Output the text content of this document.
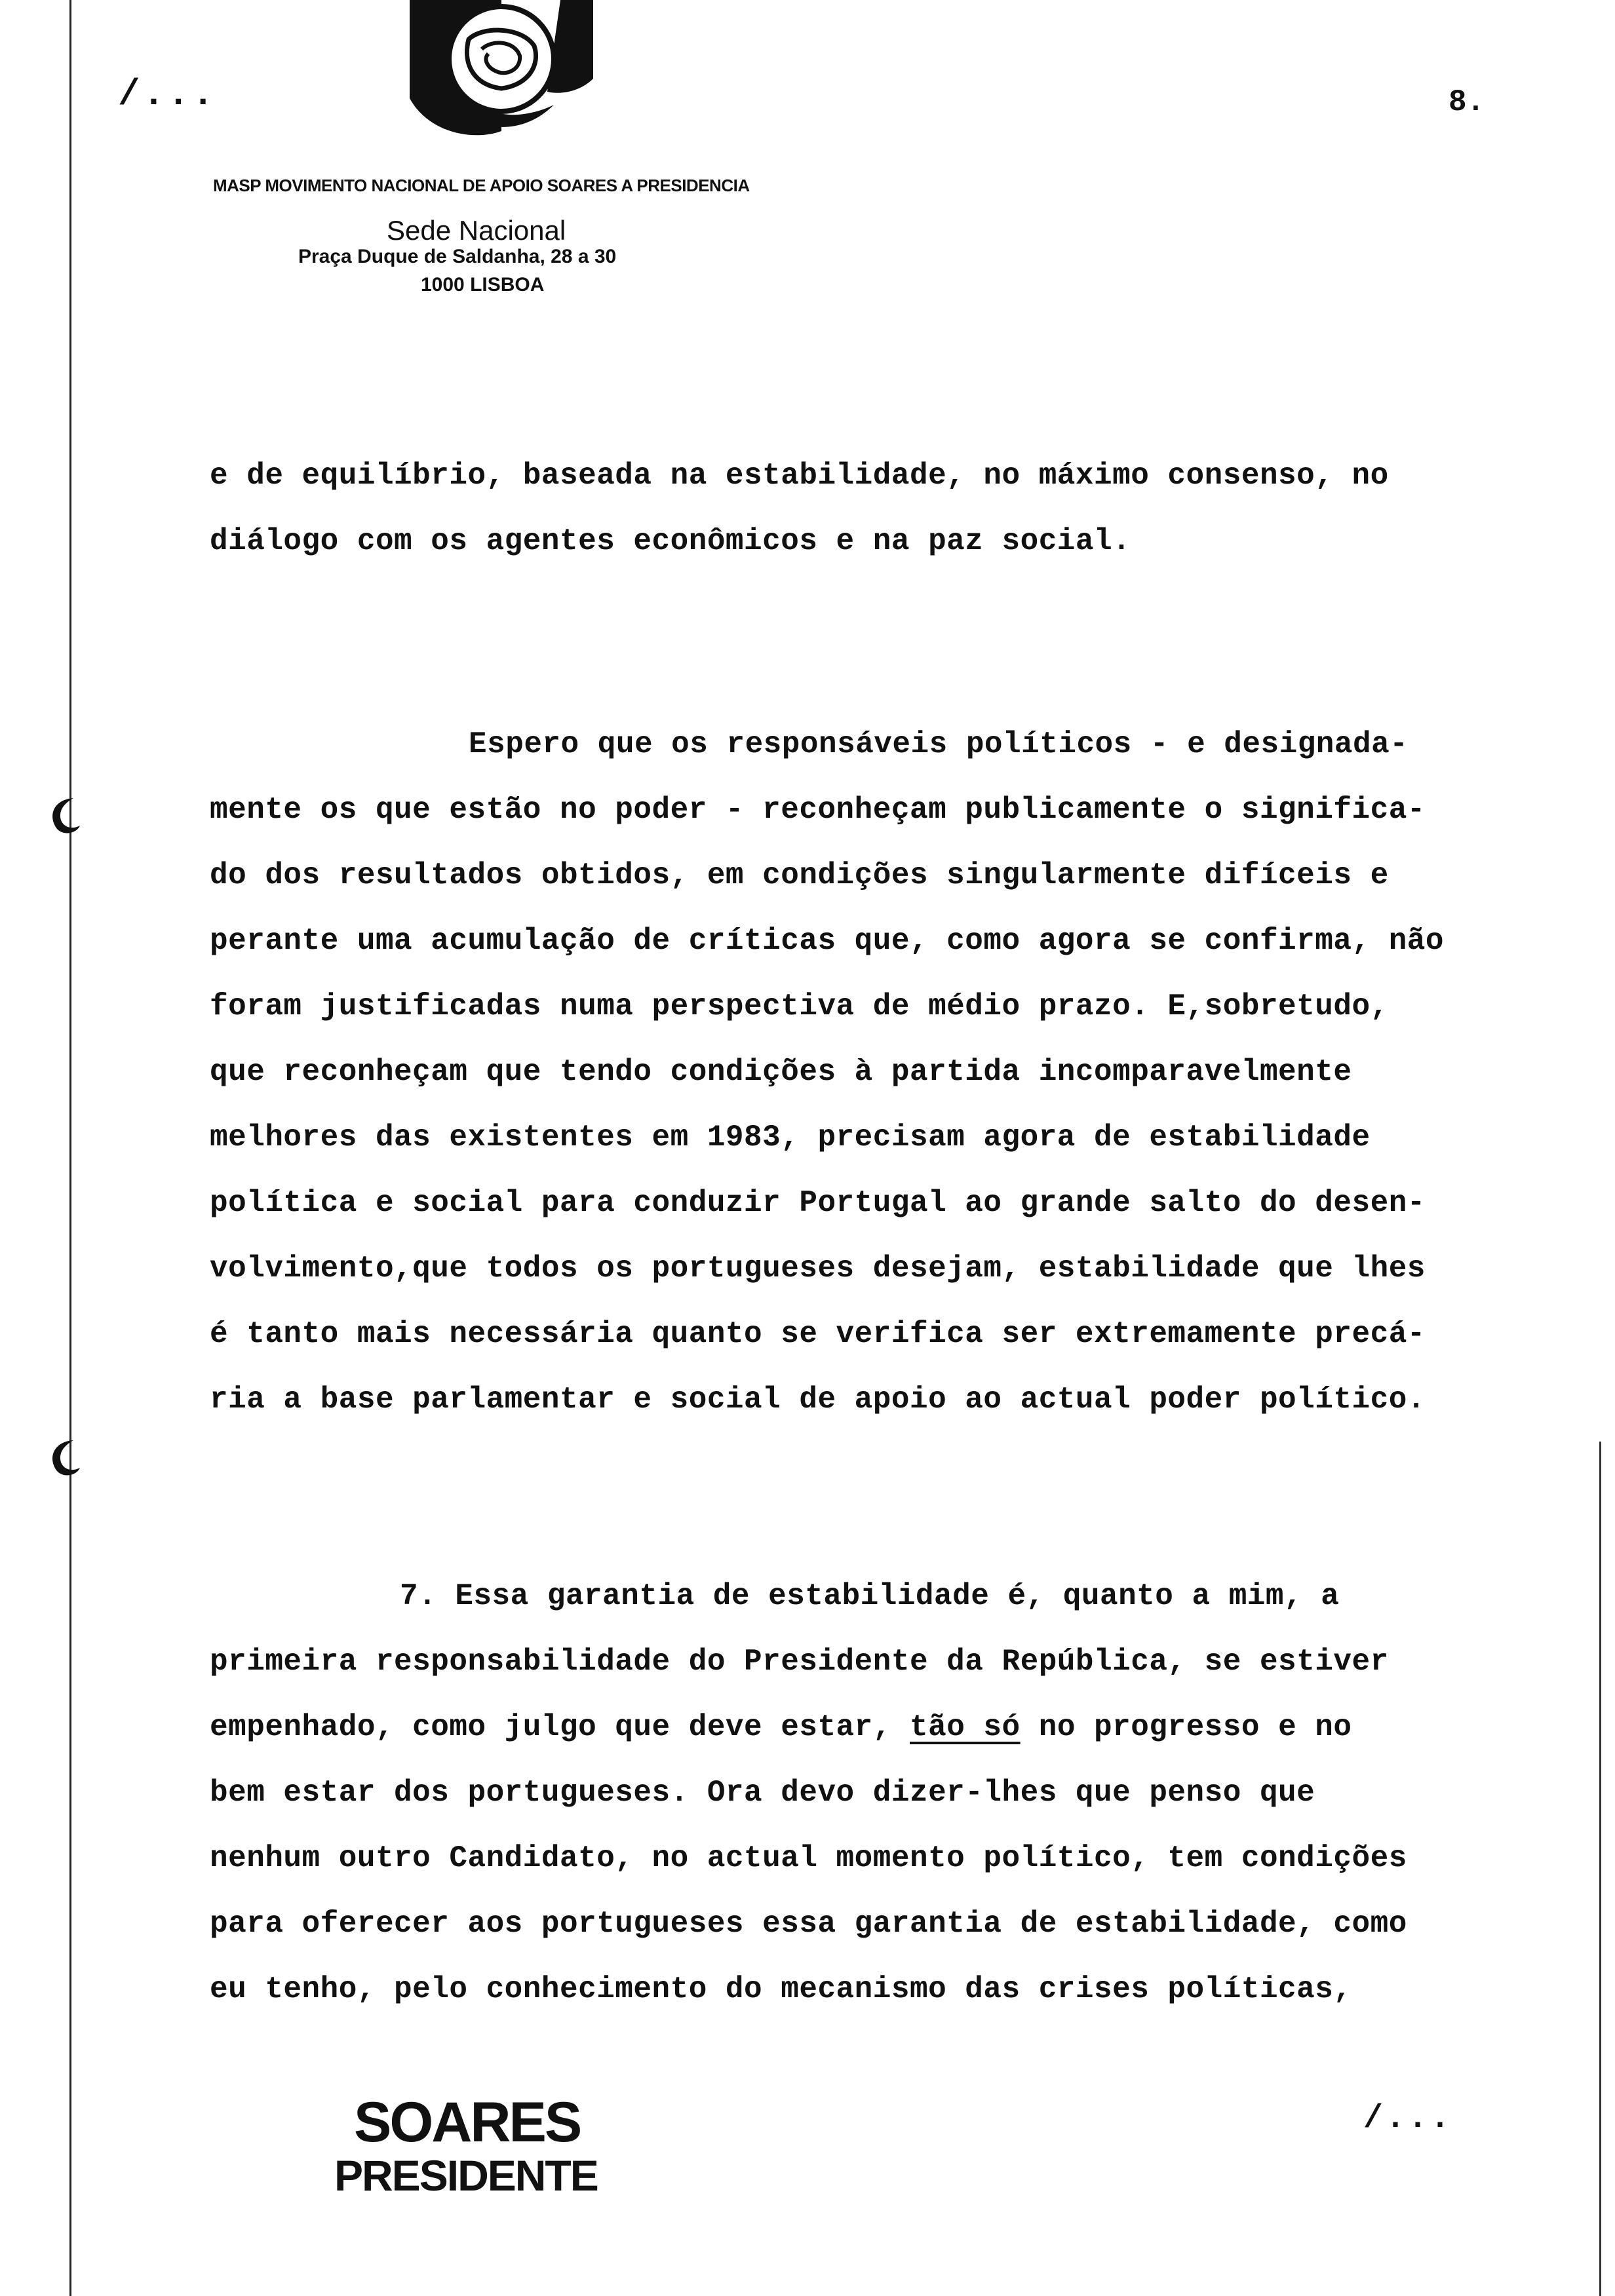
/...	8.
MASP MOVIMENTO NACIONAL DE APOIO SOARES A PRESIDENCIA
Sede Nacional
Praça Duque de Saldanha, 28 a 30
1000 LISBOA
e de equilíbrio, baseada na estabilidade, no máximo consenso, no
diálogo com os agentes econômicos e na paz social.
Espero que os responsáveis políticos - e designada-
mente os que estão no poder - reconheçam publicamente o significa-
do dos resultados obtidos, em condições singularmente difíceis e
perante uma acumulação de críticas que, como agora se confirma, não
foram justificadas numa perspectiva de médio prazo. E,sobretudo,
que reconheçam que tendo condições à partida incomparavelmente
melhores das existentes em 1983, precisam agora de estabilidade
política e social para conduzir Portugal ao grande salto do desen-
volvimento,que todos os portugueses desejam, estabilidade que lhes
é tanto mais necessária quanto se verifica ser extremamente precá-
ria a base parlamentar e social de apoio ao actual poder político.
7. Essa garantia de estabilidade é, quanto a mim, a
primeira responsabilidade do Presidente da República, se estiver
empenhado, como julgo que deve estar, tão só no progresso e no
bem estar dos portugueses. Ora devo dizer-lhes que penso que
nenhum outro Candidato, no actual momento político, tem condições
para oferecer aos portugueses essa garantia de estabilidade, como
eu tenho, pelo conhecimento do mecanismo das crises políticas,
SOARES
PRESIDENTE
/...
